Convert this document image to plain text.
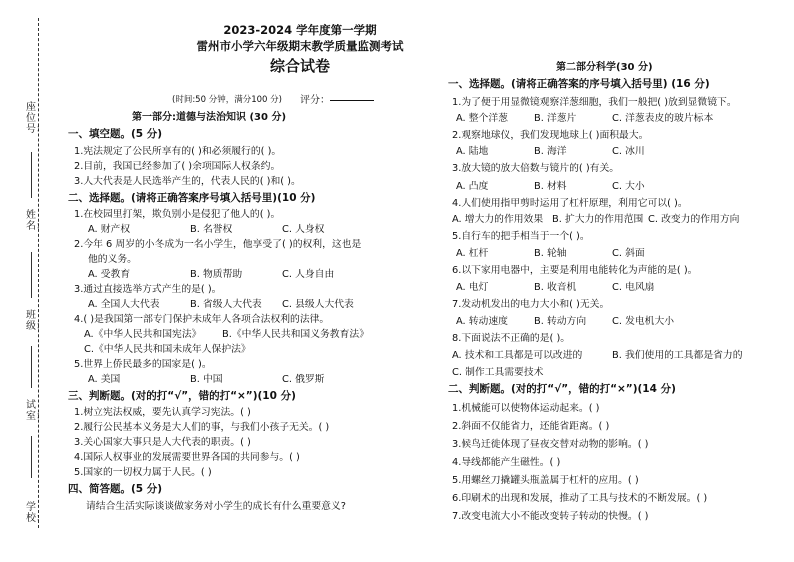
座位号：
姓名：
班级：
试室：
学校：
2023-2024 学年度第一学期
雷州市小学六年级期末教学质量监测考试
综合试卷
(时间:50 分钟，满分100 分) 评分：
第一部分:道德与法治知识 (30 分)
一、填空题。(5 分)
1.宪法规定了公民所享有的( )和必须履行的( )。
2.目前，我国已经参加了( )余项国际人权条约。
3.人大代表是人民选举产生的，代表人民的( )和( )。
二、选择题。(请将正确答案序号填入括号里)(10 分)
1.在校园里打架，欺负别小是侵犯了他人的( )。
A. 财产权	B. 名誉权	C. 人身权
2.今年 6 周岁的小冬成为一名小学生，他享受了( )的权利，这也是
他的义务。
A. 受教育	B. 物质帮助	C. 人身自由
3.通过直接选举方式产生的是( )。
A. 全国人大代表	B. 省级人大代表 C. 县级人大代表
4.( )是我国第一部专门保护未成年人各项合法权利的法律。
A.《中华人民共和国宪法》 B.《中华人民共和国义务教育法》
C.《中华人民共和国未成年人保护法》
5.世界上侨民最多的国家是( )。
A. 美国	B. 中国	C. 俄罗斯
三、判断题。(对的打“√”，错的打“×”)(10 分)
1.树立宪法权威，要先认真学习宪法。( )
2.履行公民基本义务是大人们的事，与我们小孩子无关。( )
3.关心国家大事只是人大代表的职责。( )
4.国际人权事业的发展需要世界各国的共同参与。( )
5.国家的一切权力属于人民。( )
四、简答题。(5 分)
请结合生活实际谈谈做家务对小学生的成长有什么重要意义?
第二部分科学(30 分)
一、选择题。(请将正确答案的序号填入括号里) (16 分)
1.为了便于用显微镜观察洋葱细胞，我们一般把( )放到显微镜下。
A. 整个洋葱	B. 洋葱片	C. 洋葱表皮的玻片标本
2.观察地球仪，我们发现地球上( )面积最大。
A. 陆地	B. 海洋	C. 冰川
3.放大镜的放大倍数与镜片的( )有关。
A. 凸度	B. 材料	C. 大小
4.人们使用指甲剪时运用了杠杆原理，利用它可以( )。
A. 增大力的作用效果 B. 扩大力的作用范围 C. 改变力的作用方向
5.自行车的把手相当于一个( )。
A. 杠杆	B. 轮轴	C. 斜面
6.以下家用电器中，主要是利用电能转化为声能的是( )。
A. 电灯	B. 收音机	C. 电风扇
7.发动机发出的电力大小和( )无关。
A. 转动速度	B. 转动方向	C. 发电机大小
8.下面说法不正确的是( )。
A. 技术和工具都是可以改进的	B. 我们使用的工具都是省力的
C. 制作工具需要技术
二、判断题。(对的打“√”，错的打“×”)(14 分)
1.机械能可以使物体运动起来。( )
2.斜面不仅能省力，还能省距离。( )
3.候鸟迁徙体现了昼夜交替对动物的影响。( )
4.导线都能产生磁性。( )
5.用螺丝刀撬罐头瓶盖属于杠杆的应用。( )
6.印刷术的出现和发展，推动了工具与技术的不断发展。( )
7.改变电流大小不能改变转子转动的快慢。( )
